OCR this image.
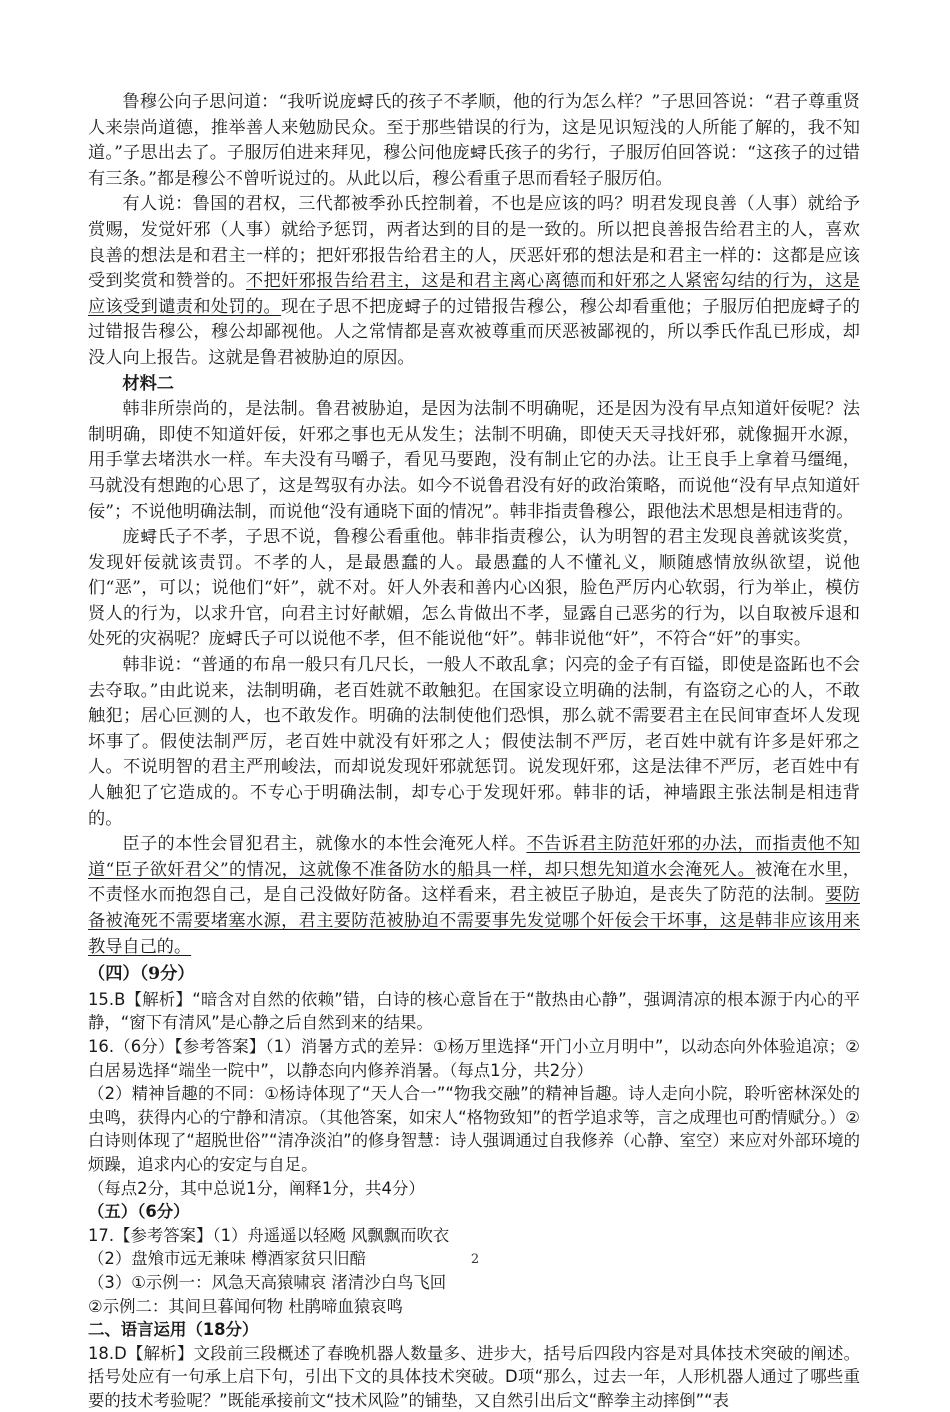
鲁穆公向子思问道：“我听说庞𫊻氏的孩子不孝顺，他的行为怎么样？”子思回答说：“君子尊重贤人来崇尚道德，推举善人来勉励民众。至于那些错误的行为，这是见识短浅的人所能了解的，我不知道。”子思出去了。子服厉伯进来拜见，穆公问他庞𫊻氏孩子的劣行，子服厉伯回答说：“这孩子的过错有三条。”都是穆公不曾听说过的。从此以后，穆公看重子思而看轻子服厉伯。

有人说：鲁国的君权，三代都被季孙氏控制着，不也是应该的吗？明君发现良善（人事）就给予赏赐，发觉奸邪（人事）就给予惩罚，两者达到的目的是一致的。所以把良善报告给君主的人，喜欢良善的想法是和君主一样的；把奸邪报告给君主的人，厌恶奸邪的想法是和君主一样的：这都是应该受到奖赏和赞誉的。不把奸邪报告给君主，这是和君主离心离德而和奸邪之人紧密勾结的行为，这是应该受到谴责和处罚的。现在子思不把庞𫊻子的过错报告穆公，穆公却看重他；子服厉伯把庞𫊻子的过错报告穆公，穆公却鄙视他。人之常情都是喜欢被尊重而厌恶被鄙视的，所以季氏作乱已形成，却没人向上报告。这就是鲁君被胁迫的原因。

材料二

韩非所崇尚的，是法制。鲁君被胁迫，是因为法制不明确呢，还是因为没有早点知道奸佞呢？法制明确，即使不知道奸佞，奸邪之事也无从发生；法制不明确，即使天天寻找奸邪，就像掘开水源，用手掌去堵洪水一样。车夫没有马嚼子，看见马要跑，没有制止它的办法。让王良手上拿着马缰绳，马就没有想跑的心思了，这是驾驭有办法。如今不说鲁君没有好的政治策略，而说他“没有早点知道奸佞”；不说他明确法制，而说他“没有通晓下面的情况”。韩非指责鲁穆公，跟他法术思想是相违背的。

庞𫊻氏子不孝，子思不说，鲁穆公看重他。韩非指责穆公，认为明智的君主发现良善就该奖赏，发现奸佞就该责罚。不孝的人，是最愚蠢的人。最愚蠢的人不懂礼义，顺随感情放纵欲望，说他们“恶”，可以；说他们“奸”，就不对。奸人外表和善内心凶狠，脸色严厉内心软弱，行为举止，模仿贤人的行为，以求升官，向君主讨好献媚，怎么肯做出不孝，显露自己恶劣的行为，以自取被斥退和处死的灾祸呢？庞𫊻氏子可以说他不孝，但不能说他“奸”。韩非说他“奸”，不符合“奸”的事实。

韩非说：“普通的布帛一般只有几尺长，一般人不敢乱拿；闪亮的金子有百镒，即使是盗跖也不会去夺取。”由此说来，法制明确，老百姓就不敢触犯。在国家设立明确的法制，有盗窃之心的人，不敢触犯；居心叵测的人，也不敢发作。明确的法制使他们恐惧，那么就不需要君主在民间审查坏人发现坏事了。假使法制严厉，老百姓中就没有奸邪之人；假使法制不严厉，老百姓中就有许多是奸邪之人。不说明智的君主严刑峻法，而却说发现奸邪就惩罚。说发现奸邪，这是法律不严厉，老百姓中有人触犯了它造成的。不专心于明确法制，却专心于发现奸邪。韩非的话，神墙跟主张法制是相违背的。

臣子的本性会冒犯君主，就像水的本性会淹死人样。不告诉君主防范奸邪的办法，而指责他不知道“臣子欲奸君父”的情况，这就像不准备防水的船具一样，却只想先知道水会淹死人。被淹在水里，不责怪水而抱怨自己，是自己没做好防备。这样看来，君主被臣子胁迫，是丧失了防范的法制。要防备被淹死不需要堵塞水源，君主要防范被胁迫不需要事先发觉哪个奸佞会干坏事，这是韩非应该用来教导自己的。

（四）（9分）

15.B【解析】“暗含对自然的依赖”错，白诗的核心意旨在于“散热由心静”，强调清凉的根本源于内心的平静，“窗下有清风”是心静之后自然到来的结果。

16.（6分）【参考答案】（1）消暑方式的差异：①杨万里选择“开门小立月明中”，以动态向外体验追凉；②白居易选择“端坐一院中”，以静态向内修养消暑。（每点1分，共2分）

（2）精神旨趣的不同：①杨诗体现了“天人合一”“物我交融”的精神旨趣。诗人走向小院，聆听密林深处的虫鸣，获得内心的宁静和清凉。（其他答案，如宋人“格物致知”的哲学追求等，言之成理也可酌情赋分。）②白诗则体现了“超脱世俗”“清净淡泊”的修身智慧：诗人强调通过自我修养（心静、室空）来应对外部环境的烦躁，追求内心的安定与自足。

（每点2分，其中总说1分，阐释1分，共4分）

（五）（6分）

17.【参考答案】（1）舟遥遥以轻飏 风飘飘而吹衣

（2）盘飧市远无兼味 樽酒家贫只旧醅

（3）①示例一：风急天高猿啸哀 渚清沙白鸟飞回

②示例二：其间旦暮闻何物 杜鹃啼血猿哀鸣

二、语言运用（18分）

18.D【解析】文段前三段概述了春晚机器人数量多、进步大，括号后四段内容是对具体技术突破的阐述。括号处应有一句承上启下句，引出下文的具体技术突破。D项“那么，过去一年，人形机器人通过了哪些重要的技术考验呢？”既能承接前文“技术风险”的铺垫，又自然引出后文“醉拳主动摔倒”“表

2
